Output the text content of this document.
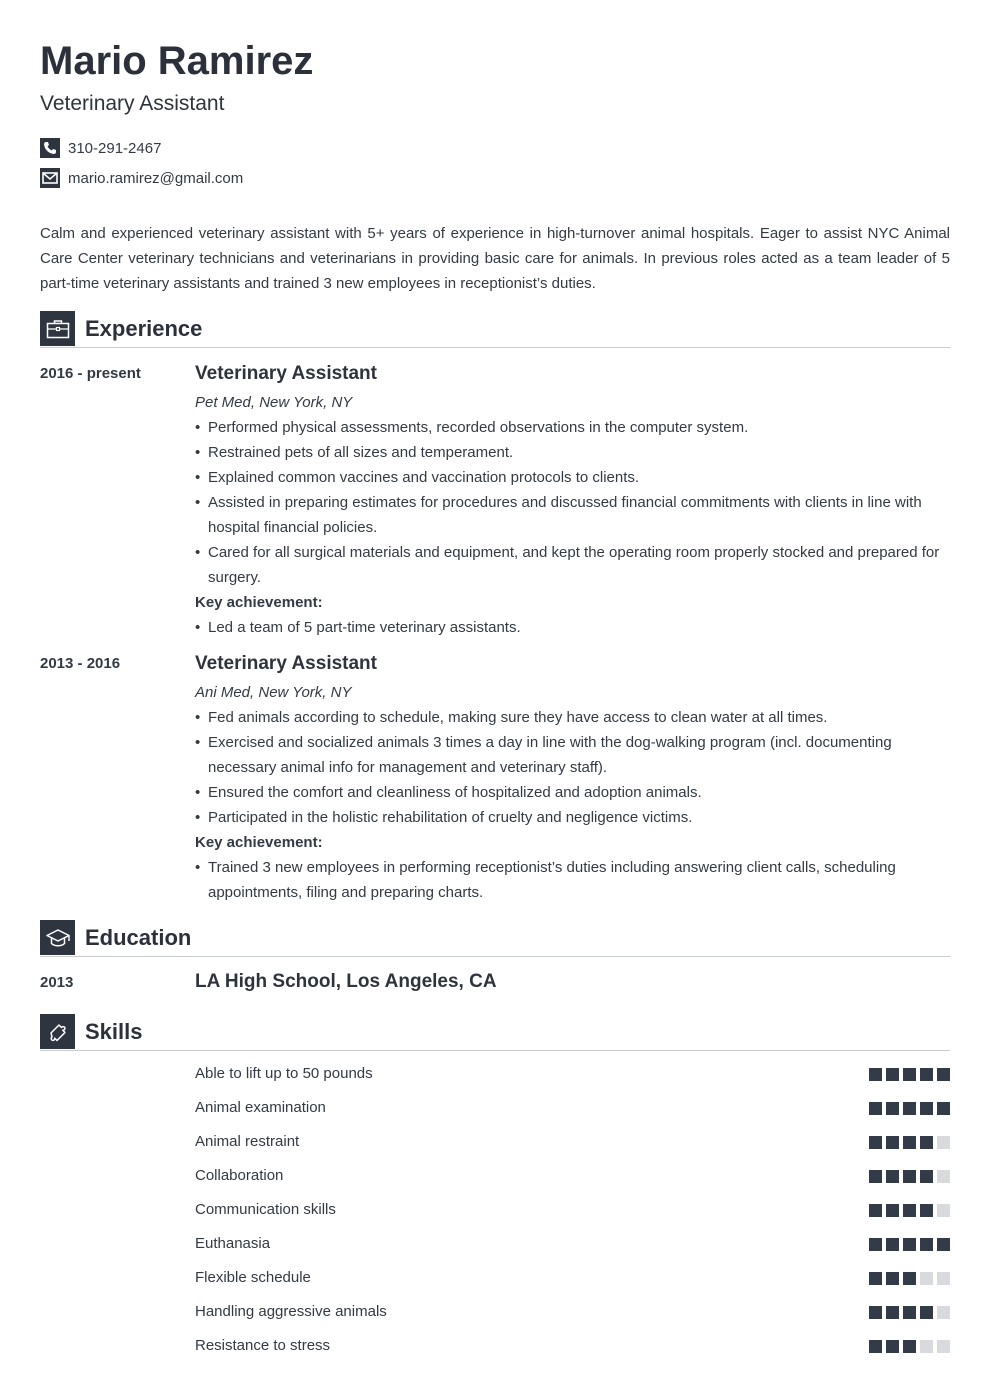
Mario Ramirez
Veterinary Assistant
310-291-2467
mario.ramirez@gmail.com
Calm and experienced veterinary assistant with 5+ years of experience in high-turnover animal hospitals. Eager to assist NYC Animal Care Center veterinary technicians and veterinarians in providing basic care for animals. In previous roles acted as a team leader of 5 part-time veterinary assistants and trained 3 new employees in receptionist’s duties.
Experience
2016 - present	Veterinary Assistant
Pet Med, New York, NY
• Performed physical assessments, recorded observations in the computer system.
• Restrained pets of all sizes and temperament.
• Explained common vaccines and vaccination protocols to clients.
• Assisted in preparing estimates for procedures and discussed financial commitments with clients in line with hospital financial policies.
• Cared for all surgical materials and equipment, and kept the operating room properly stocked and prepared for surgery.
Key achievement:
• Led a team of 5 part-time veterinary assistants.
2013 - 2016	Veterinary Assistant
Ani Med, New York, NY
• Fed animals according to schedule, making sure they have access to clean water at all times.
• Exercised and socialized animals 3 times a day in line with the dog-walking program (incl. documenting necessary animal info for management and veterinary staff).
• Ensured the comfort and cleanliness of hospitalized and adoption animals.
• Participated in the holistic rehabilitation of cruelty and negligence victims.
Key achievement:
• Trained 3 new employees in performing receptionist’s duties including answering client calls, scheduling appointments, filing and preparing charts.
Education
2013	LA High School, Los Angeles, CA
Skills
Able to lift up to 50 pounds
Animal examination
Animal restraint
Collaboration
Communication skills
Euthanasia
Flexible schedule
Handling aggressive animals
Resistance to stress
